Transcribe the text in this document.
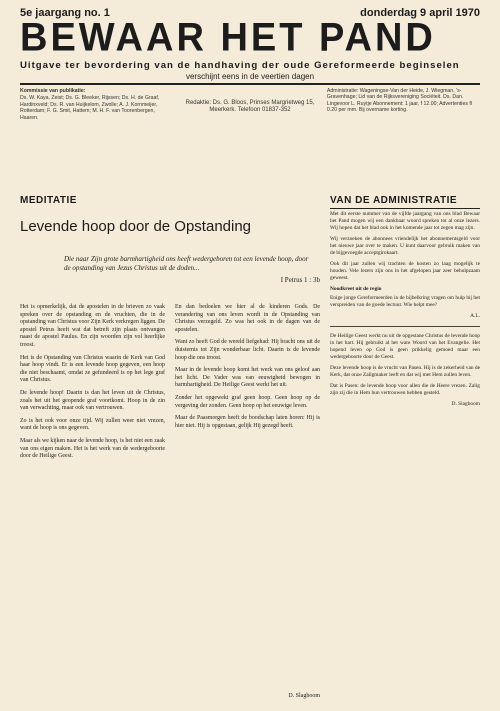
5e jaargang no. 1	donderdag 9 april 1970
BEWAAR HET PAND
Uitgave ter bevordering van de handhaving der oude Gereformeerde beginselen
verschijnt eens in de veertien dagen
Kommissie van publikatie:
Ds. W. Kaya, Zeist; Ds. G. Bleeker, Rijssen; Ds. H. de Graaf, Hardinxveld; Ds. R. van Huijkelom, Zwolle; A. J. Kornmeijer, Rotterdam; F. G. Smit, Hattem; M. H. F. van Toorenbergen, Haaren.
Redaktie: Ds. G. Bloos, Prinses Margrietweg 15, Meerkerk. Telefoon 01837-352
Administratie: Wageningse-Van der Heide, J. Wiegman, 's-Gravenhage; Lid van de Rijksvereniging Sociëteit. Ds. Dan. Lingevoor L. Ruytje Abonnement: 1 jaar, f 12.00; Advertenties fl 0.20 per mm. Bij overname korting.
MEDITATIE
Levende hoop door de Opstanding
Die naar Zijn grote barmhartigheid ons heeft wedergeboren tot een levende hoop, door de opstanding van Jezus Christus uit de doden...
I Petrus 1 : 3b

Het is opmerkelijk, dat de apostelen in de brieven zo vaak spreken over de opstanding en de vruchten, die in de opstanding van Christus voor Zijn Kerk verkregen liggen. De apostel Petrus heeft wat dat betreft zijn plaats ontvangen naast de apostel Paulus. En zijn woorden zijn vol heerlijke troost.

Het is de Opstanding van Christus waarin de Kerk van God haar hoop vindt. Er is een levende hoop gegeven, een hoop die niet beschaamt, omdat ze gefundeerd is op het lege graf van Christus.

De levende hoop! Daarin is dan het leven uit de Christus, zoals het uit het geopende graf voortkomt. Hoop in de zin van verwachting, maar ook van vertrouwen.

Zo is het ook voor onze tijd. Wij zullen weer niet vrezen, want de hoop is ons gegeven.

Maar als we kijken naar de levende hoop, is het niet een zaak van ons eigen maken. Het is het werk van de wedergeboorte door de Heilige Geest.

En dan bedoelen we hier al de kinderen Gods. De verandering van ons leven wordt in de Opstanding van Christus verzegeld. Zo was het ook in de dagen van de apostelen.

Want zo heeft God de wereld liefgehad: Hij bracht ons uit de duisternis tot Zijn wonderbaar licht. Daarin is de levende hoop die ons troost.

Maar in de levende hoop komt het werk van ons geloof aan het licht. De Vader was van eeuwigheid bewogen in barmhartigheid. De Heilige Geest werkt het uit.

Zonder het opgewekt graf geen hoop. Geen hoop op de vergeving der zonden. Geen hoop op het eeuwige leven.

Maar de Paasmorgen heeft de boodschap laten horen: Hij is hier niet. Hij is opgestaan, gelijk Hij gezegd heeft.

VAN DE ADMINISTRATIE

Met dit eerste nummer van de vijfde jaargang van ons blad Bewaar het Pand mogen wij een dankbaar woord spreken tot al onze lezers. Wij hopen dat het blad ook in het komende jaar tot zegen mag zijn.

Wij verzoeken de abonnees vriendelijk het abonnementsgeld voor het nieuwe jaar over te maken. U kunt daarvoor gebruik maken van de bijgevoegde acceptgirokaart.

Ook dit jaar zullen wij trachten de kosten zo laag mogelijk te houden. Vele lezers zijn ons in het afgelopen jaar zeer behulpzaam geweest.

Noodkreet uit de regio

Enige jonge Gereformeerden in de bijbelkring vragen om hulp bij het verspreiden van de goede lectuur. Wie helpt mee?

A.L.

De Heilige Geest werkt nu uit de opgestane Christus de levende hoop in het hart. Hij gebruikt al het ware Woord van het Evangelie. Het hopend leven op God is geen prikkelig gemoed maar een wedergeboorte door de Geest.

Deze levende hoop is de vrucht van Pasen. Hij is de zekerheid van de Kerk, dat onze Zaligmaker leeft en dat wij met Hem zullen leven.

Dat is Pasen: de levende hoop voor allen die de Heere vrezen. Zalig zijn zij die in Hem hun vertrouwen hebben gesteld.

D. Slagboom
D. Slagboom
